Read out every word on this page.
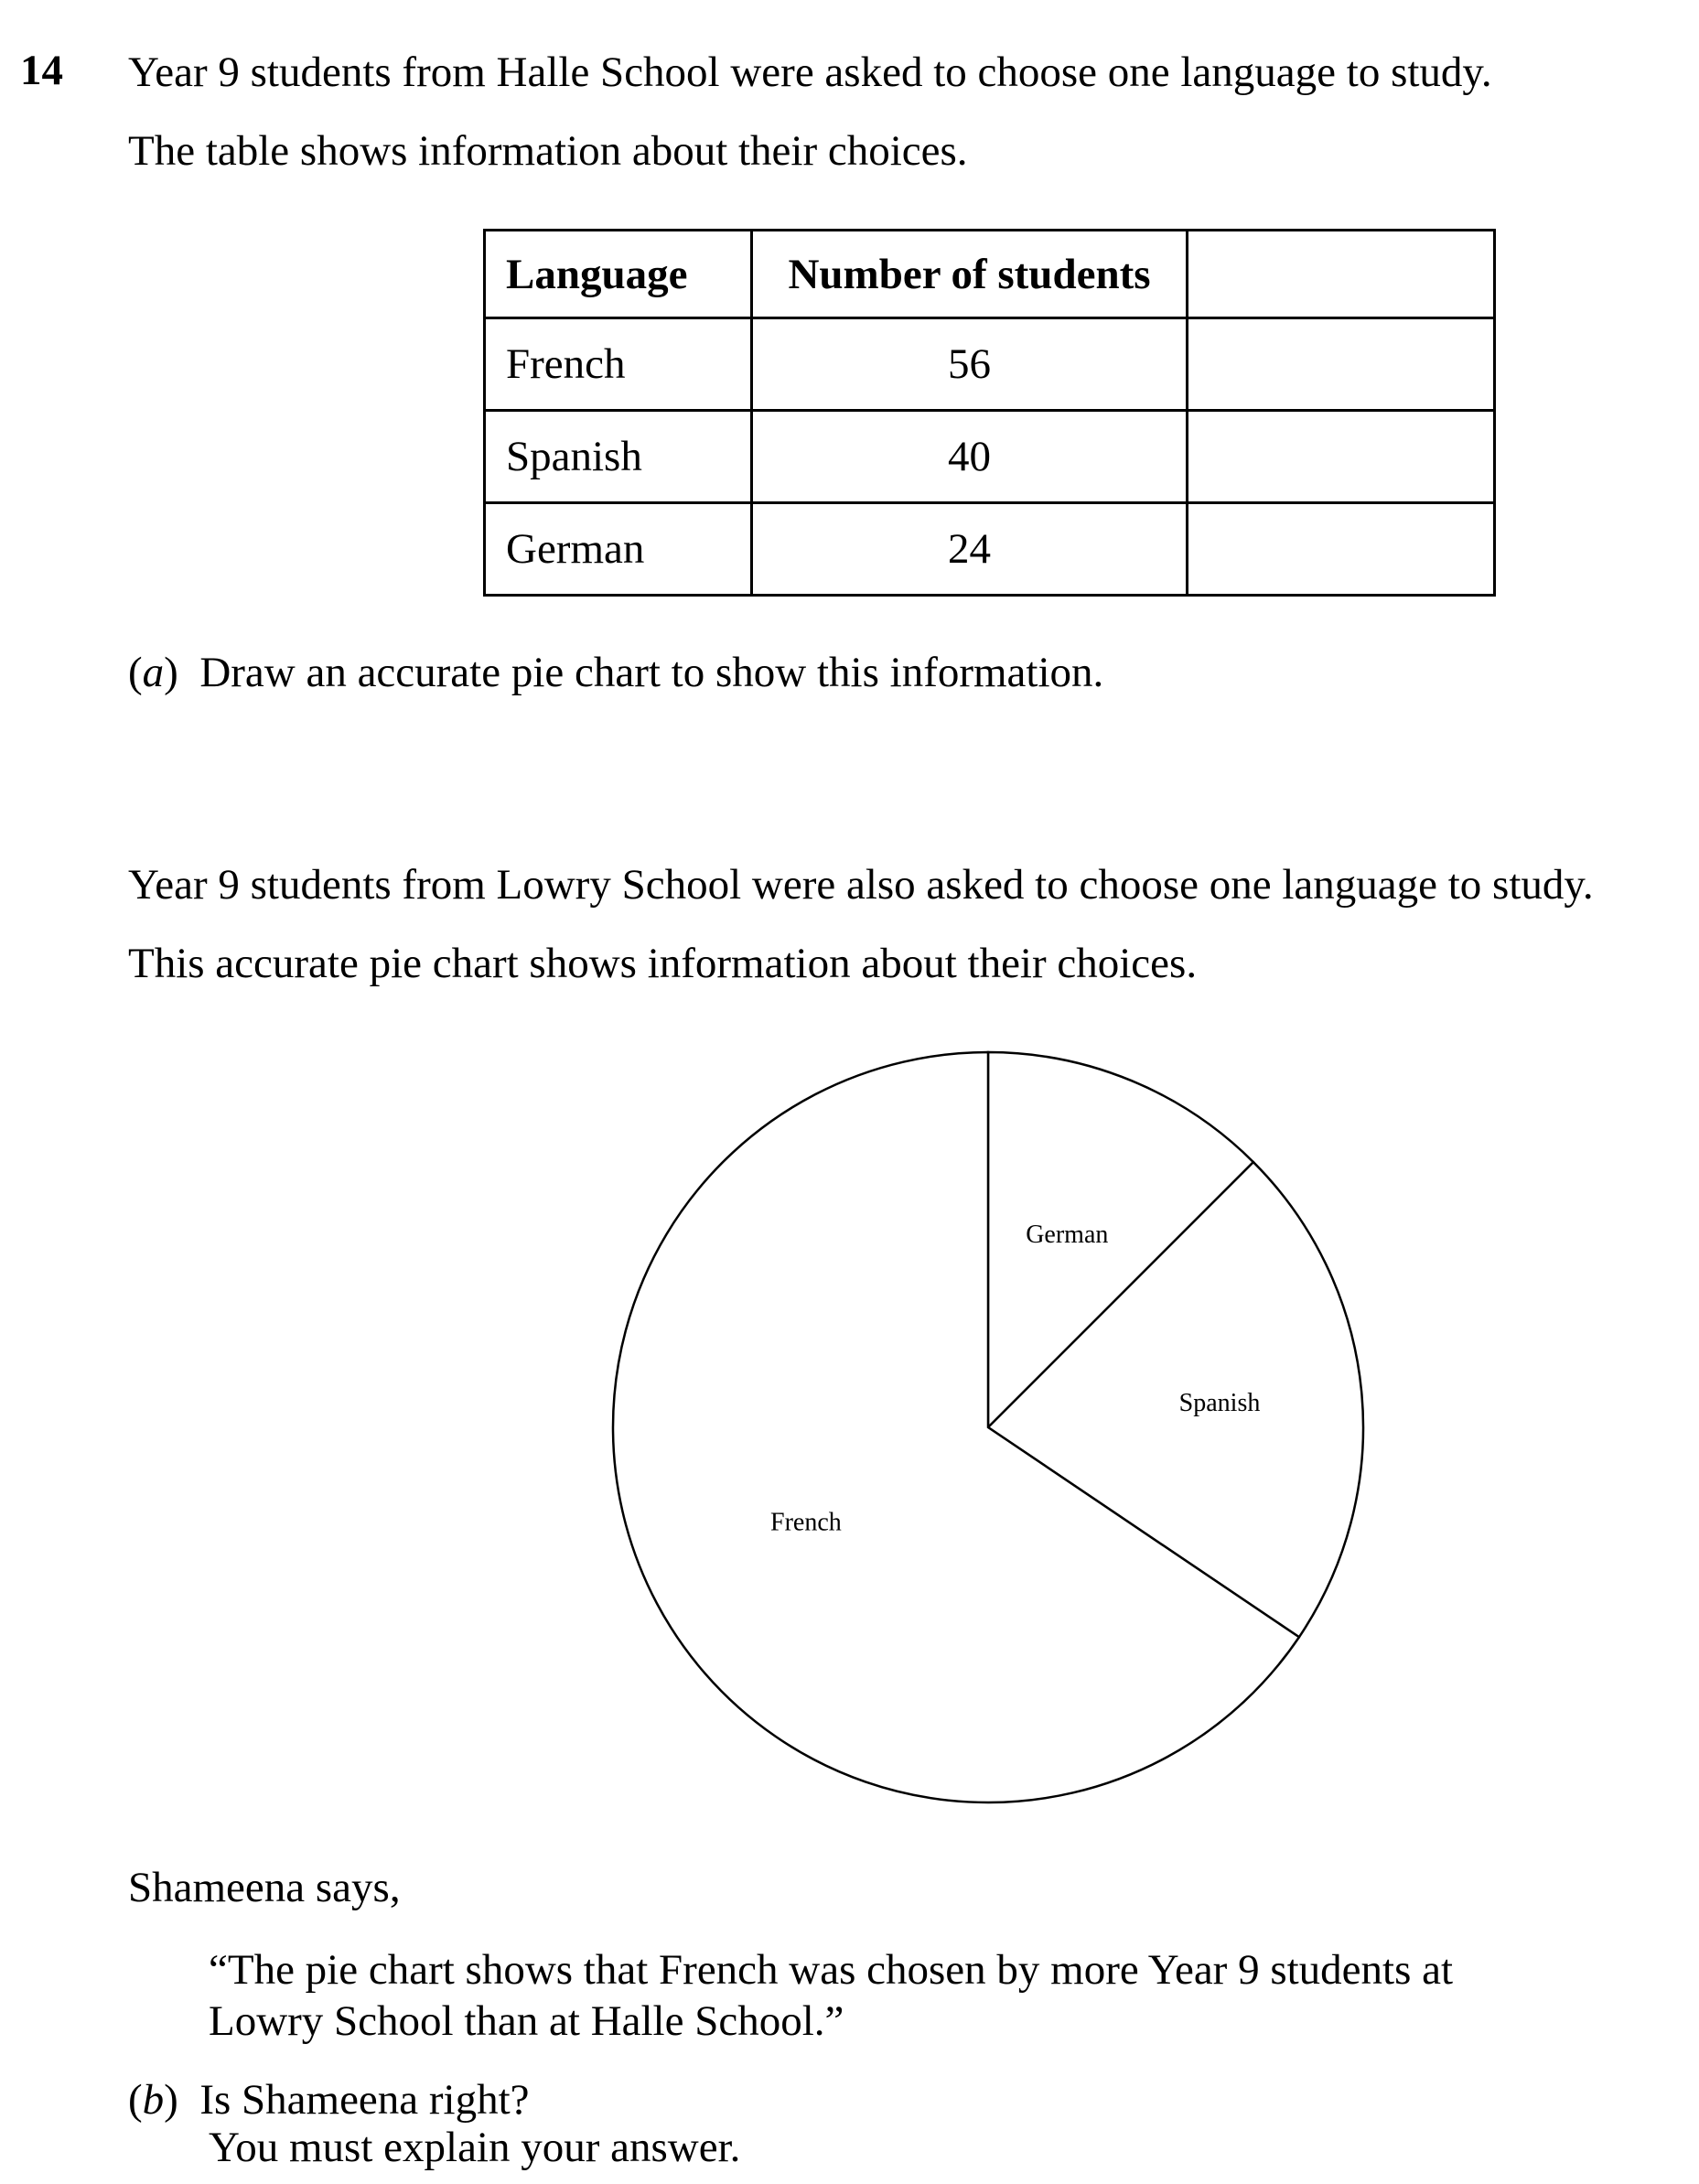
14 Year 9 students from Halle School were asked to choose one language to study.
The table shows information about their choices.
Language	Number of students	
French	56	
Spanish	40	
German	24	
(a)  Draw an accurate pie chart to show this information.
Year 9 students from Lowry School were also asked to choose one language to study.
This accurate pie chart shows information about their choices.
German
Spanish
French
Shameena says,
“The pie chart shows that French was chosen by more Year 9 students at
Lowry School than at Halle School.”
(b)  Is Shameena right?
You must explain your answer.
